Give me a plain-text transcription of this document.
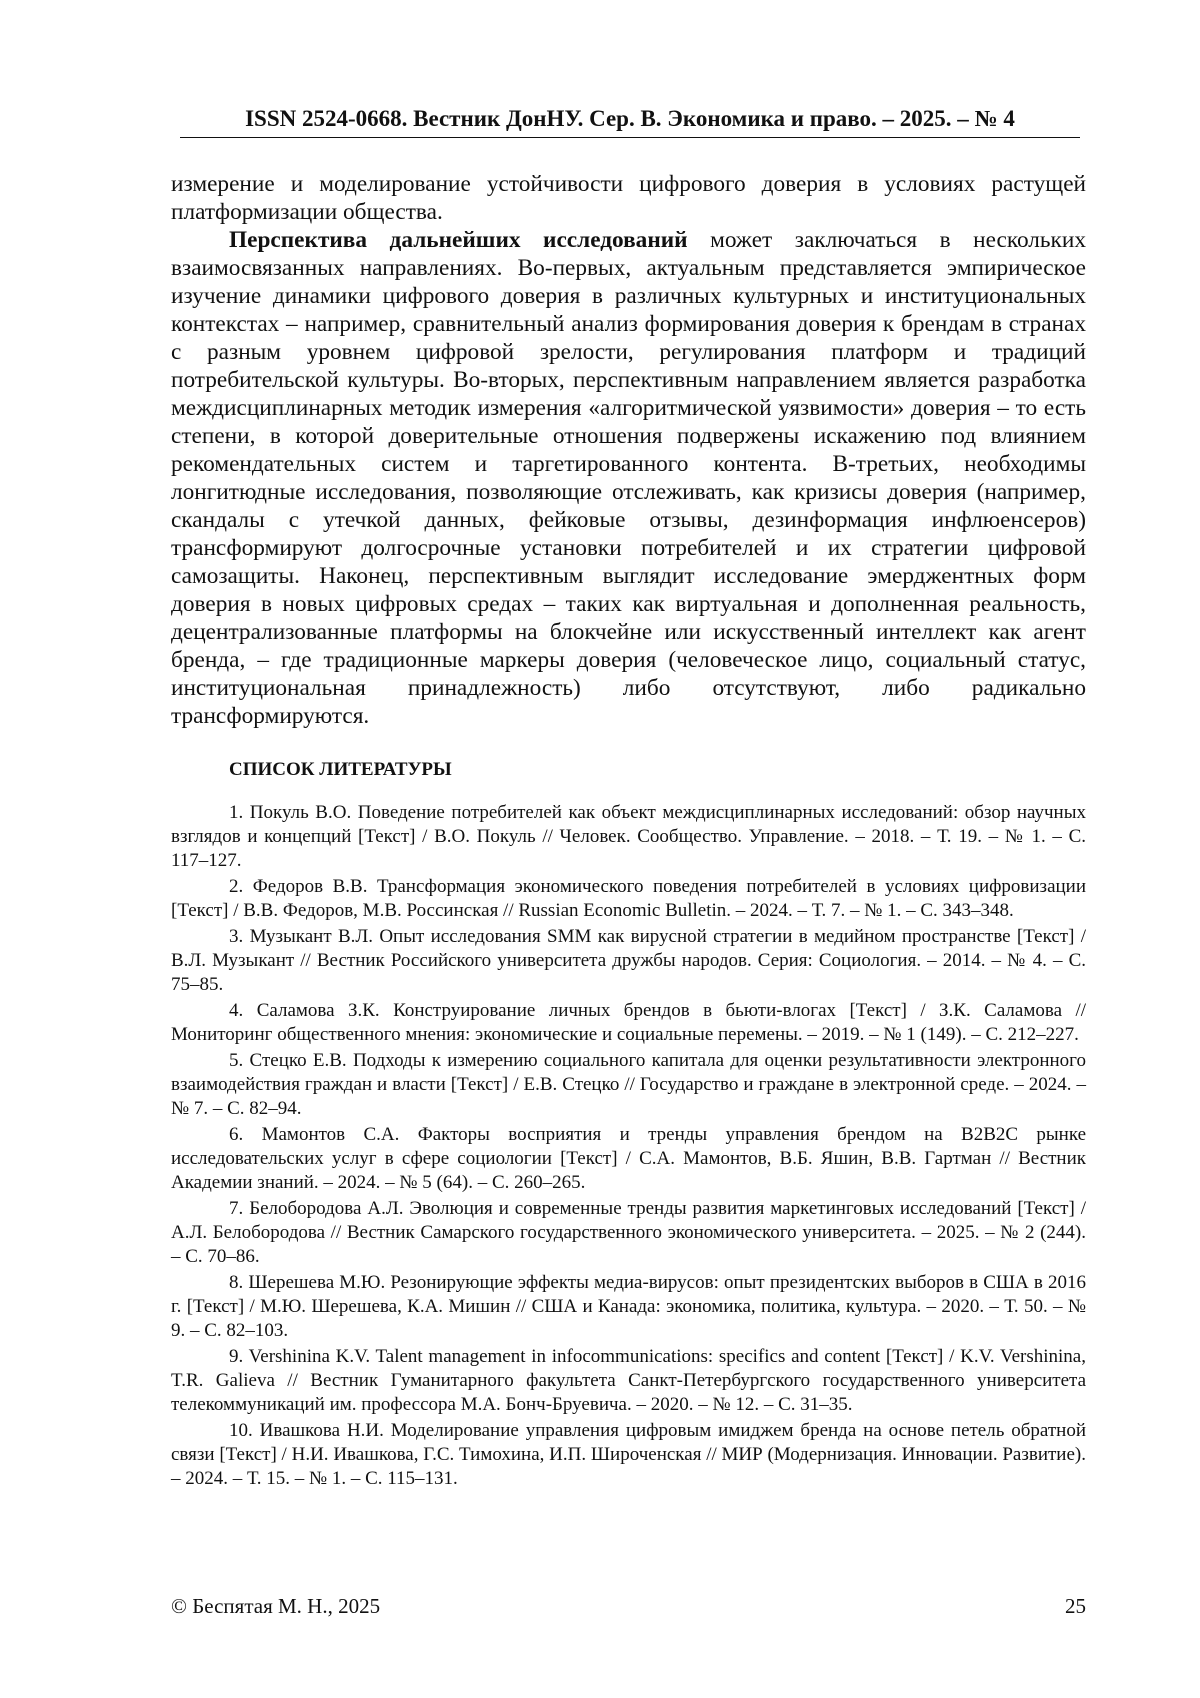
ISSN 2524-0668. Вестник ДонНУ. Сер. В. Экономика и право. – 2025. – № 4

измерение и моделирование устойчивости цифрового доверия в условиях растущей платформизации общества.

Перспектива дальнейших исследований может заключаться в нескольких взаимосвязанных направлениях. Во-первых, актуальным представляется эмпирическое изучение динамики цифрового доверия в различных культурных и институциональных контекстах – например, сравнительный анализ формирования доверия к брендам в странах с разным уровнем цифровой зрелости, регулирования платформ и традиций потребительской культуры. Во-вторых, перспективным направлением является разработка междисциплинарных методик измерения «алгоритмической уязвимости» доверия – то есть степени, в которой доверительные отношения подвержены искажению под влиянием рекомендательных систем и таргетированного контента. В-третьих, необходимы лонгитюдные исследования, позволяющие отслеживать, как кризисы доверия (например, скандалы с утечкой данных, фейковые отзывы, дезинформация инфлюенсеров) трансформируют долгосрочные установки потребителей и их стратегии цифровой самозащиты. Наконец, перспективным выглядит исследование эмерджентных форм доверия в новых цифровых средах – таких как виртуальная и дополненная реальность, децентрализованные платформы на блокчейне или искусственный интеллект как агент бренда, – где традиционные маркеры доверия (человеческое лицо, социальный статус, институциональная принадлежность) либо отсутствуют, либо радикально трансформируются.

СПИСОК ЛИТЕРАТУРЫ
1. Покуль В.О. Поведение потребителей как объект междисциплинарных исследований: обзор научных взглядов и концепций [Текст] / В.О. Покуль // Человек. Сообщество. Управление. – 2018. – Т. 19. – № 1. – С. 117–127.
2. Федоров В.В. Трансформация экономического поведения потребителей в условиях цифровизации [Текст] / В.В. Федоров, М.В. Россинская // Russian Economic Bulletin. – 2024. – Т. 7. – № 1. – С. 343–348.
3. Музыкант В.Л. Опыт исследования SMM как вирусной стратегии в медийном пространстве [Текст] / В.Л. Музыкант // Вестник Российского университета дружбы народов. Серия: Социология. – 2014. – № 4. – С. 75–85.
4. Саламова З.К. Конструирование личных брендов в бьюти-влогах [Текст] / З.К. Саламова // Мониторинг общественного мнения: экономические и социальные перемены. – 2019. – № 1 (149). – С. 212–227.
5. Стецко Е.В. Подходы к измерению социального капитала для оценки результативности электронного взаимодействия граждан и власти [Текст] / Е.В. Стецко // Государство и граждане в электронной среде. – 2024. – № 7. – С. 82–94.
6. Мамонтов С.А. Факторы восприятия и тренды управления брендом на B2B2C рынке исследовательских услуг в сфере социологии [Текст] / С.А. Мамонтов, В.Б. Яшин, В.В. Гартман // Вестник Академии знаний. – 2024. – № 5 (64). – С. 260–265.
7. Белобородова А.Л. Эволюция и современные тренды развития маркетинговых исследований [Текст] / А.Л. Белобородова // Вестник Самарского государственного экономического университета. – 2025. – № 2 (244). – С. 70–86.
8. Шерешева М.Ю. Резонирующие эффекты медиа-вирусов: опыт президентских выборов в США в 2016 г. [Текст] / М.Ю. Шерешева, К.А. Мишин // США и Канада: экономика, политика, культура. – 2020. – Т. 50. – № 9. – С. 82–103.
9. Vershinina K.V. Talent management in infocommunications: specifics and content [Текст] / K.V. Vershinina, T.R. Galieva // Вестник Гуманитарного факультета Санкт-Петербургского государственного университета телекоммуникаций им. профессора М.А. Бонч-Бруевича. – 2020. – № 12. – С. 31–35.
10. Ивашкова Н.И. Моделирование управления цифровым имиджем бренда на основе петель обратной связи [Текст] / Н.И. Ивашкова, Г.С. Тимохина, И.П. Широченская // МИР (Модернизация. Инновации. Развитие). – 2024. – Т. 15. – № 1. – С. 115–131.
© Беспятая М. Н., 2025	25
